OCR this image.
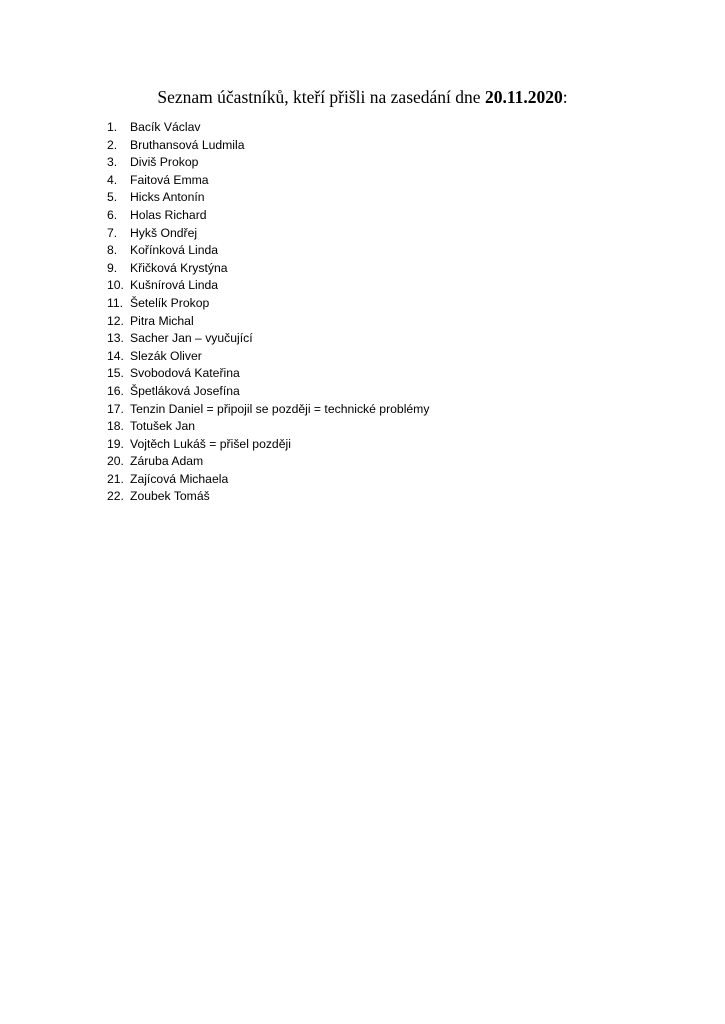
Seznam účastníků, kteří přišli na zasedání dne 20.11.2020:
1.	Bacík Václav
2.	Bruthansová Ludmila
3.	Diviš Prokop
4.	Faitová Emma
5.	Hicks Antonín
6.	Holas Richard
7.	Hykš Ondřej
8.	Kořínková Linda
9.	Křičková Krystýna
10. Kušnírová Linda
11. Šetelík Prokop
12. Pitra Michal
13. Sacher Jan – vyučující
14. Slezák Oliver
15. Svobodová Kateřina
16. Špetláková Josefína
17. Tenzin Daniel = připojil se později = technické problémy
18. Totušek Jan
19. Vojtěch Lukáš = přišel později
20. Záruba Adam
21. Zajícová Michaela
22. Zoubek Tomáš
